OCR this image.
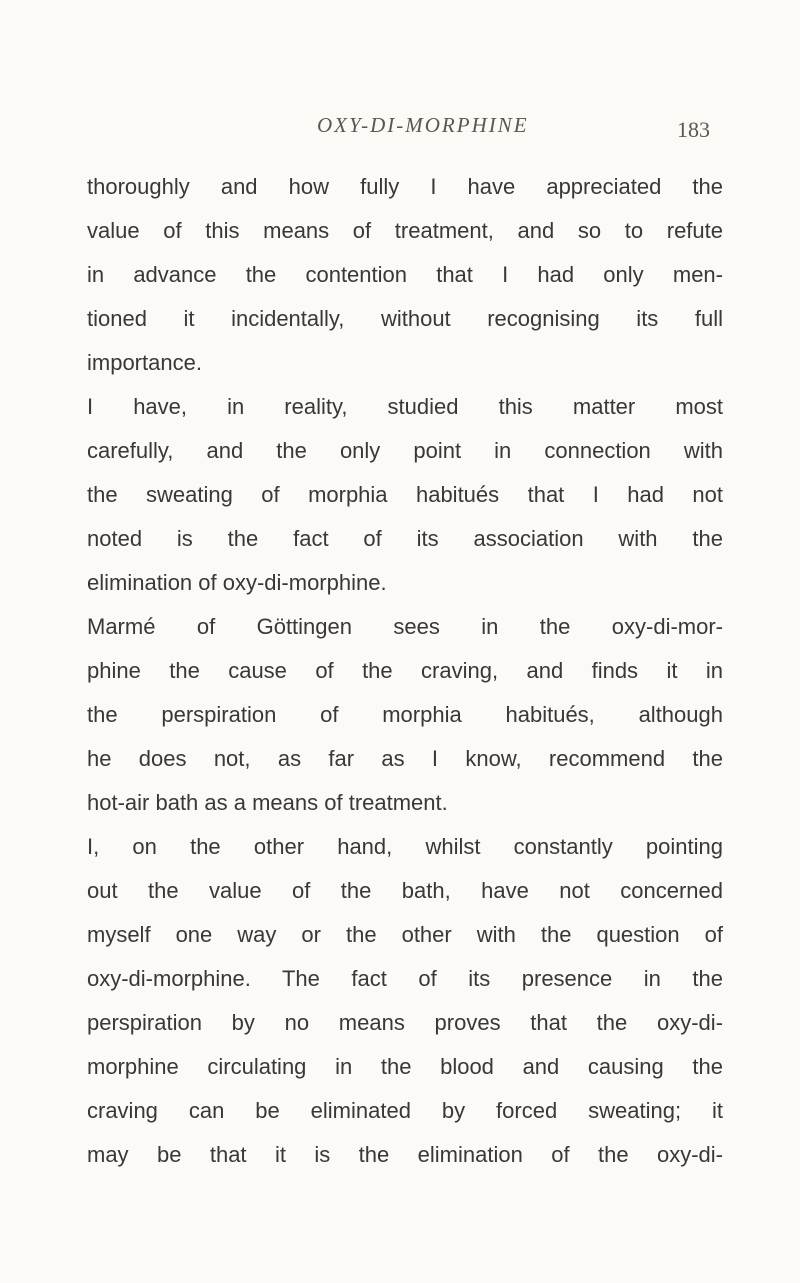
OXY-DI-MORPHINE	183
thoroughly and how fully I have appreciated the
value of this means of treatment, and so to refute
in advance the contention that I had only men-
tioned it incidentally, without recognising its full
importance.
I have, in reality, studied this matter most
carefully, and the only point in connection with
the sweating of morphia habitués that I had not
noted is the fact of its association with the
elimination of oxy-di-morphine.
Marmé of Göttingen sees in the oxy-di-mor-
phine the cause of the craving, and finds it in
the perspiration of morphia habitués, although
he does not, as far as I know, recommend the
hot-air bath as a means of treatment.
I, on the other hand, whilst constantly pointing
out the value of the bath, have not concerned
myself one way or the other with the question of
oxy-di-morphine. The fact of its presence in the
perspiration by no means proves that the oxy-di-
morphine circulating in the blood and causing the
craving can be eliminated by forced sweating; it
may be that it is the elimination of the oxy-di-
